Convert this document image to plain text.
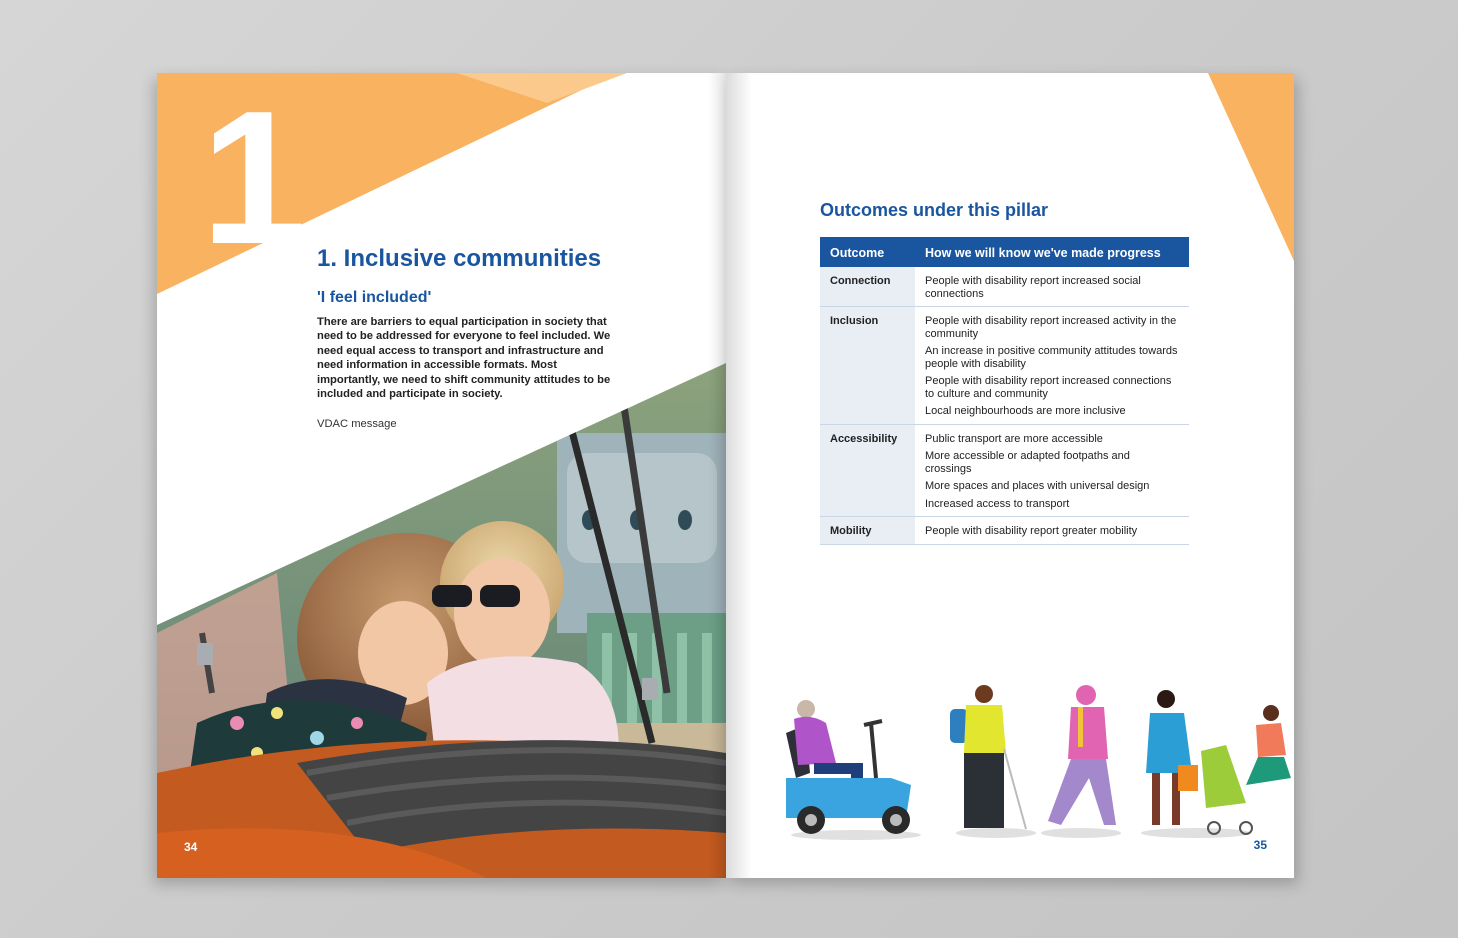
1 1. Inclusive communities
'I feel included'

There are barriers to equal participation in society that need to be addressed for everyone to feel included. We need equal access to transport and infrastructure and need information in accessible formats. Most importantly, we need to shift community attitudes to be included and participate in society.

VDAC message

34
Outcomes under this pillar
Outcome	How we will know we've made progress
Connection	People with disability report increased social connections

Inclusion	People with disability report increased activity in the community

An increase in positive community attitudes towards people with disability

People with disability report increased connections to culture and community

Local neighbourhoods are more inclusive

Accessibility	Public transport are more accessible

More accessible or adapted footpaths and crossings

More spaces and places with universal design

Increased access to transport

Mobility	People with disability report greater mobility

35
